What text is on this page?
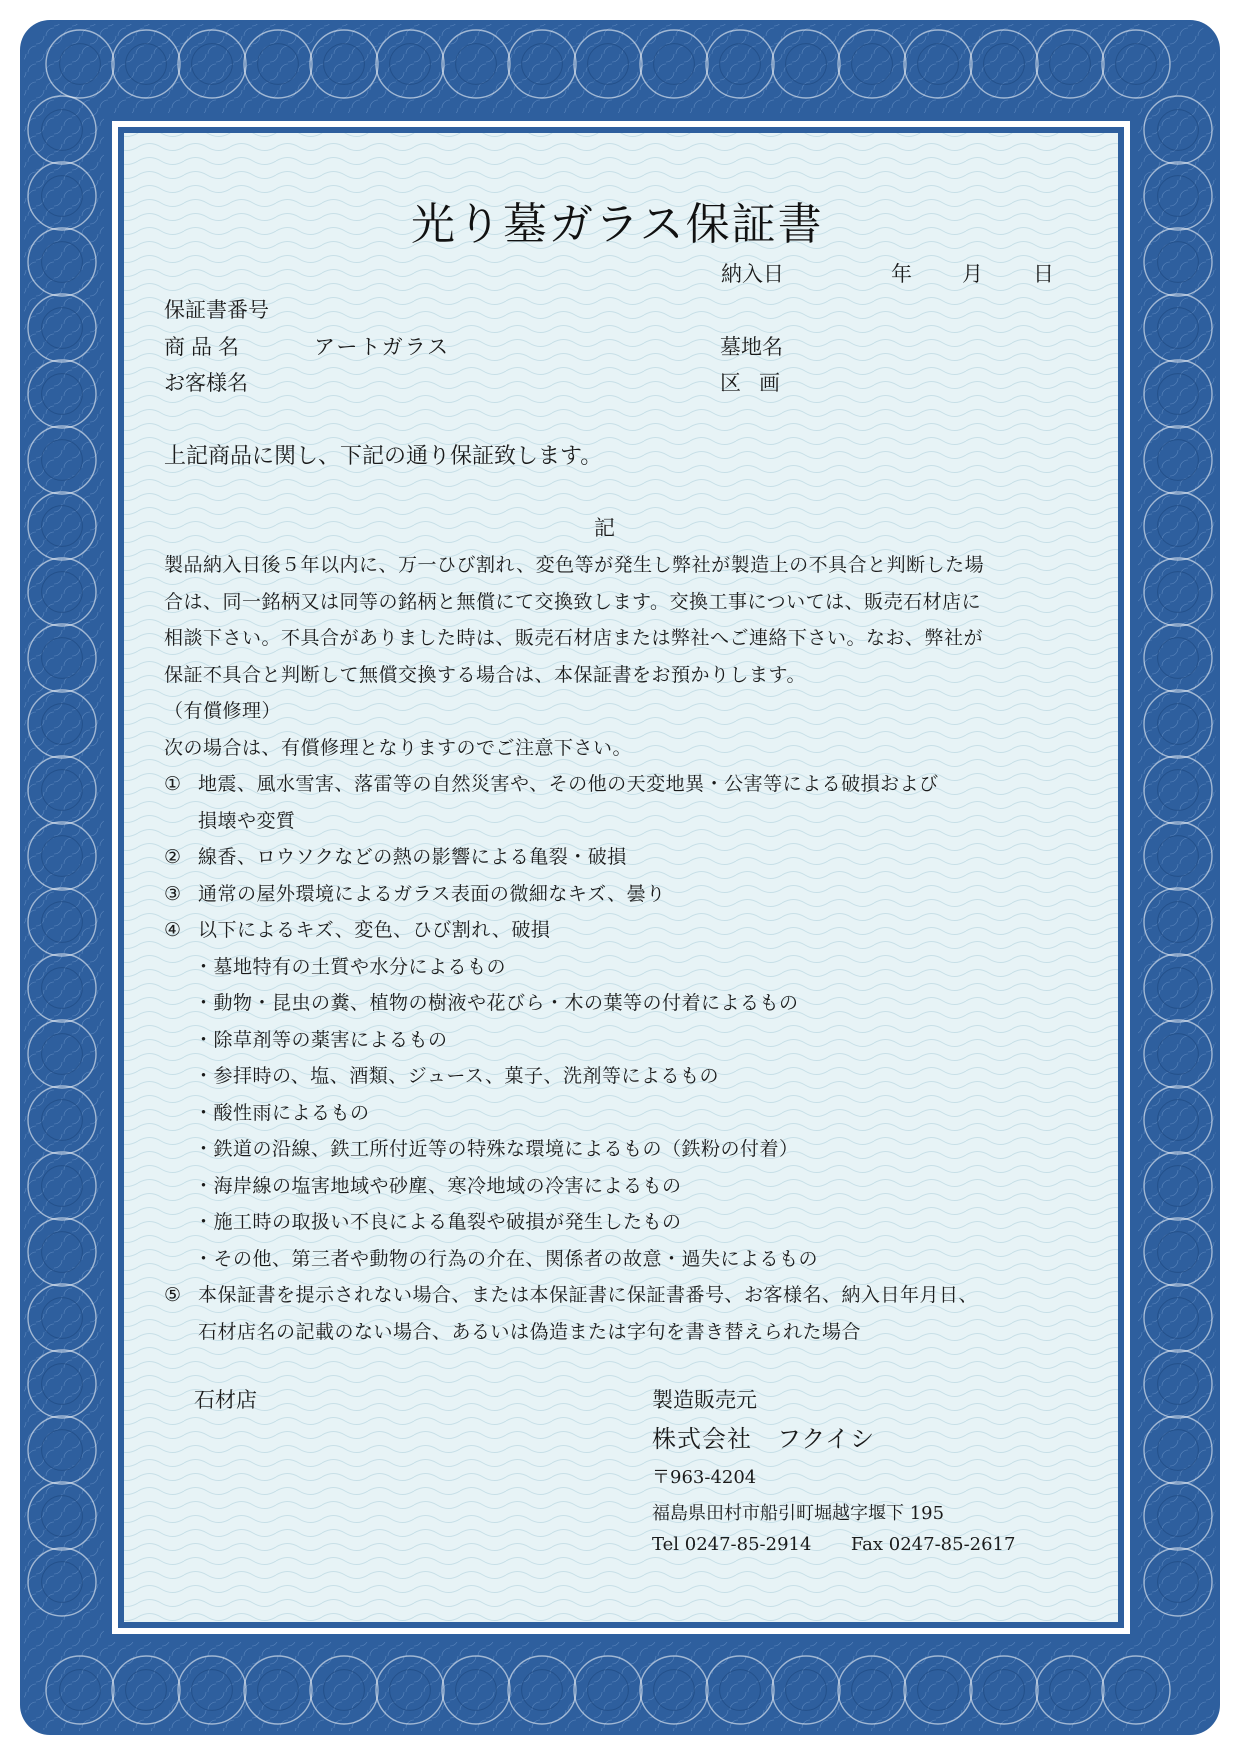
光り墓ガラス保証書
納入日	年 月 日
保証書番号
商品名	アートガラス
お客様名
墓地名
区画
上記商品に関し、下記の通り保証致します。
記

製品納入日後５年以内に、万一ひび割れ、変色等が発生し弊社が製造上の不具合と判断した場

合は、同一銘柄又は同等の銘柄と無償にて交換致します。交換工事については、販売石材店に

相談下さい。不具合がありました時は、販売石材店または弊社へご連絡下さい。なお、弊社が

保証不具合と判断して無償交換する場合は、本保証書をお預かりします。

（有償修理）

次の場合は、有償修理となりますのでご注意下さい。

① 地震、風水雪害、落雷等の自然災害や、その他の天変地異・公害等による破損および

損壊や変質

② 線香、ロウソクなどの熱の影響による亀裂・破損

③ 通常の屋外環境によるガラス表面の微細なキズ、曇り

④ 以下によるキズ、変色、ひび割れ、破損

・墓地特有の土質や水分によるもの

・動物・昆虫の糞、植物の樹液や花びら・木の葉等の付着によるもの

・除草剤等の薬害によるもの

・参拝時の、塩、酒類、ジュース、菓子、洗剤等によるもの

・酸性雨によるもの

・鉄道の沿線、鉄工所付近等の特殊な環境によるもの（鉄粉の付着）

・海岸線の塩害地域や砂塵、寒冷地域の冷害によるもの

・施工時の取扱い不良による亀裂や破損が発生したもの

・その他、第三者や動物の行為の介在、関係者の故意・過失によるもの

⑤ 本保証書を提示されない場合、または本保証書に保証書番号、お客様名、納入日年月日、

石材店名の記載のない場合、あるいは偽造または字句を書き替えられた場合

石材店	製造販売元
株式会社　フクイシ
〒963-4204
福島県田村市船引町堀越字堰下 195
Tel 0247-85-2914 Fax 0247-85-2617
